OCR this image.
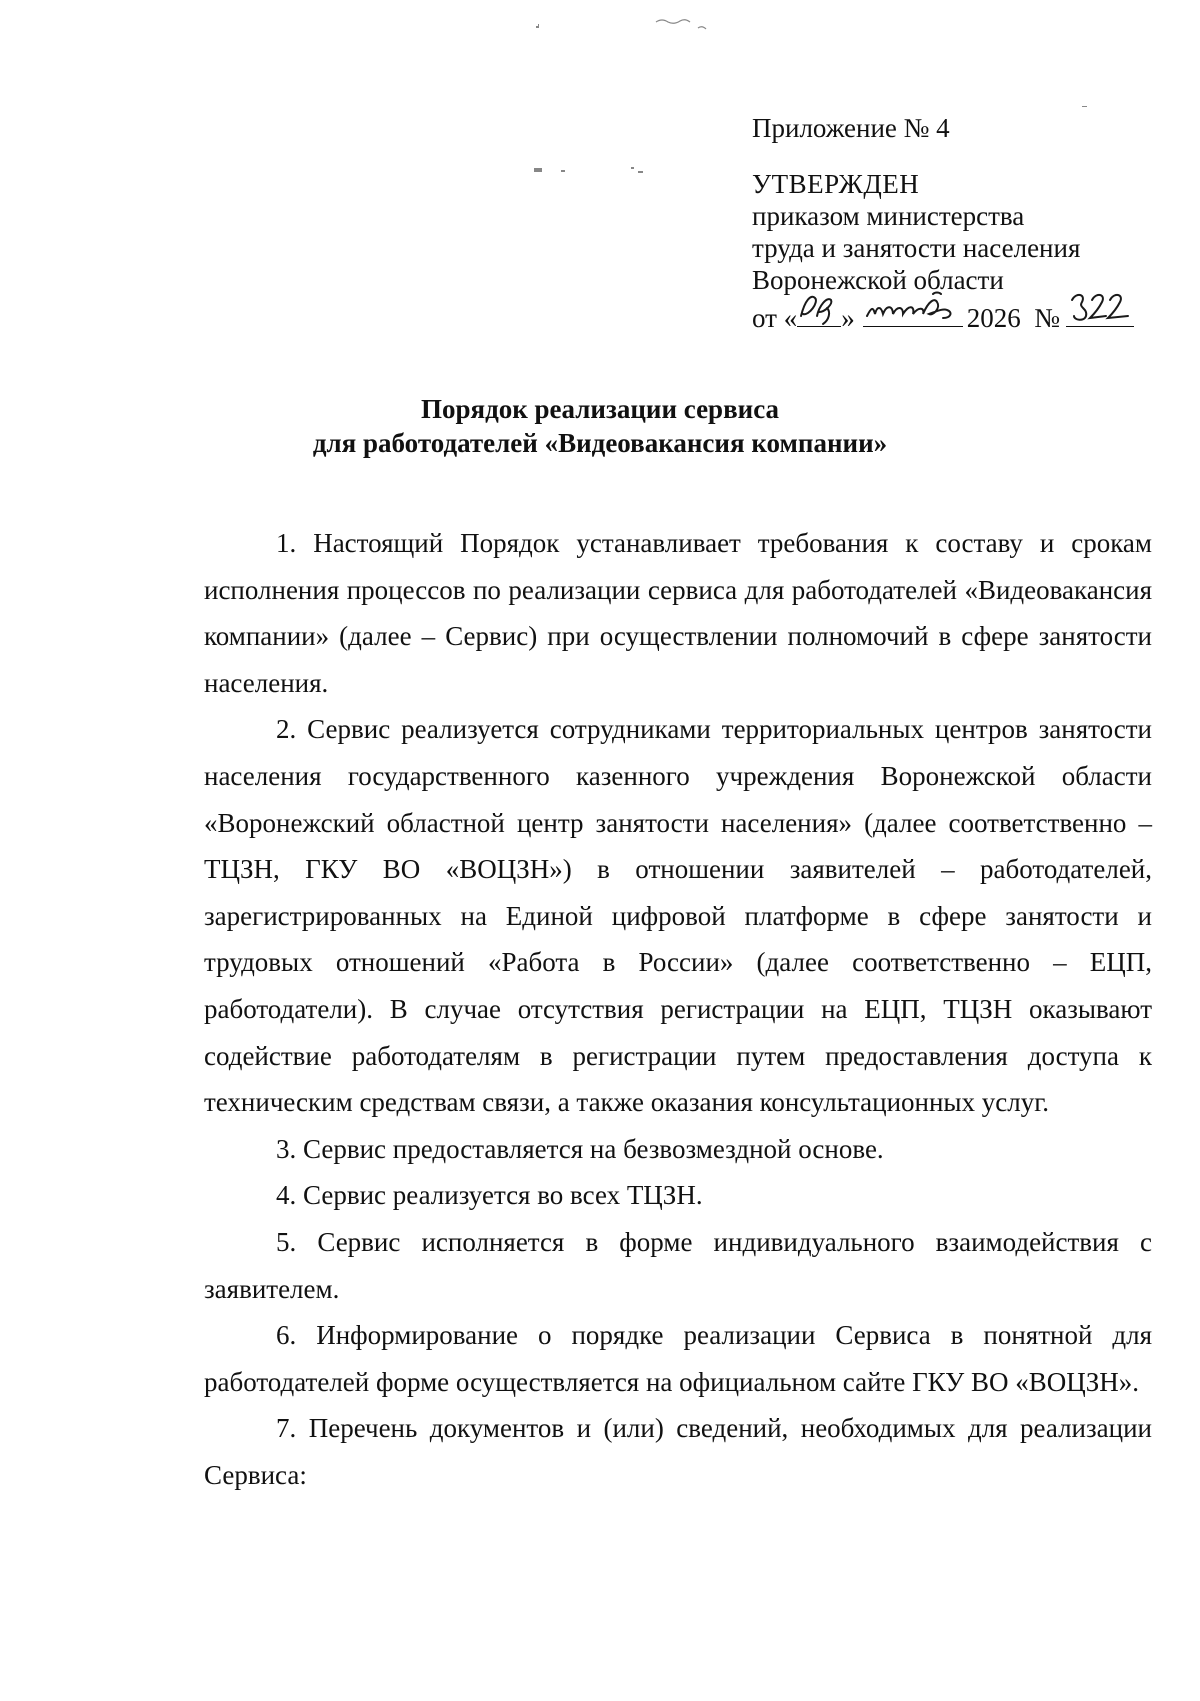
Приложение № 4
УТВЕРЖДЕН
приказом министерства
труда и занятости населения
Воронежской области
от « »	2026 №
Порядок реализации сервиса
для работодателей «Видеовакансия компании»

1. Настоящий Порядок устанавливает требования к составу и срокам исполнения процессов по реализации сервиса для работодателей «Видеовакансия компании» (далее – Сервис) при осуществлении полномочий в сфере занятости населения.

2. Сервис реализуется сотрудниками территориальных центров занятости населения государственного казенного учреждения Воронежской области «Воронежский областной центр занятости населения» (далее соответственно – ТЦЗН, ГКУ ВО «ВОЦЗН») в отношении заявителей – работодателей, зарегистрированных на Единой цифровой платформе в сфере занятости и трудовых отношений «Работа в России» (далее соответственно – ЕЦП, работодатели). В случае отсутствия регистрации на ЕЦП, ТЦЗН оказывают содействие работодателям в регистрации путем предоставления доступа к техническим средствам связи, а также оказания консультационных услуг.

3. Сервис предоставляется на безвозмездной основе.

4. Сервис реализуется во всех ТЦЗН.

5. Сервис исполняется в форме индивидуального взаимодействия с заявителем.

6. Информирование о порядке реализации Сервиса в понятной для работодателей форме осуществляется на официальном сайте ГКУ ВО «ВОЦЗН».

7. Перечень документов и (или) сведений, необходимых для реализации Сервиса:
